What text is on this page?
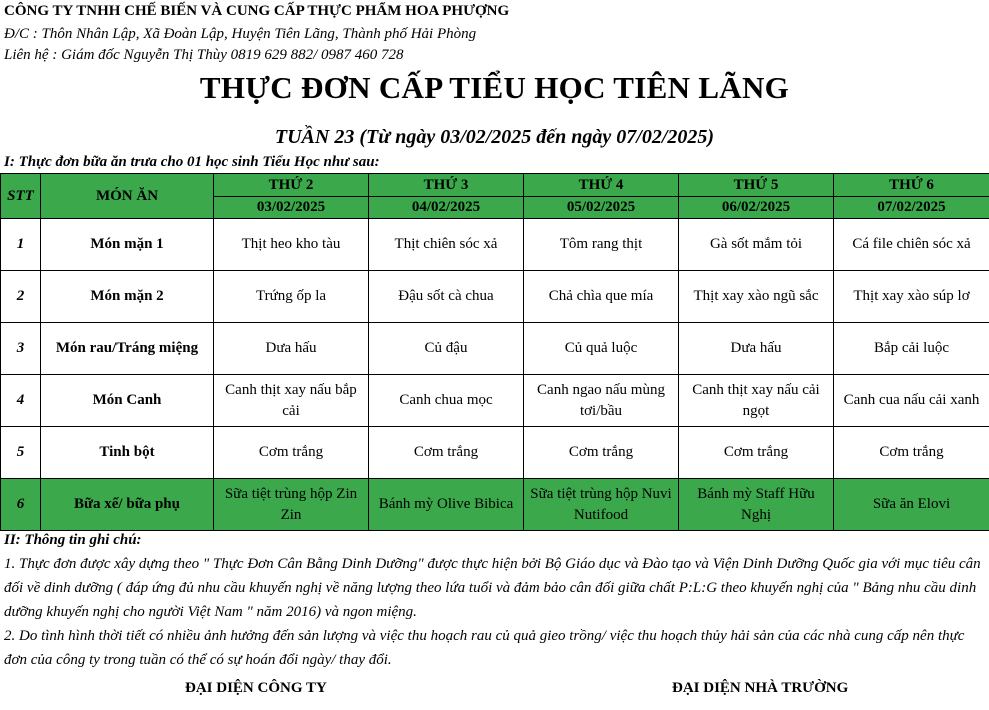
CÔNG TY TNHH CHẾ BIẾN VÀ CUNG CẤP THỰC PHẨM HOA PHƯỢNG
Đ/C : Thôn Nhân Lập, Xã Đoàn Lập, Huyện Tiên Lãng, Thành phố Hải Phòng
Liên hệ : Giám đốc Nguyễn Thị Thùy 0819 629 882/ 0987 460 728
THỰC ĐƠN CẤP TIỂU HỌC TIÊN LÃNG
TUẦN 23 (Từ ngày 03/02/2025 đến ngày 07/02/2025)
I: Thực đơn bữa ăn trưa cho 01 học sinh Tiểu Học như sau:
STT	MÓN ĂN	THỨ 2	THỨ 3	THỨ 4	THỨ 5	THỨ 6
		03/02/2025	04/02/2025	05/02/2025	06/02/2025	07/02/2025
1	Món mặn 1	Thịt heo kho tàu	Thịt chiên sóc xả	Tôm rang thịt	Gà sốt mắm tỏi	Cá file chiên sóc xả
2	Món mặn 2	Trứng ốp la	Đậu sốt cà chua	Chả chìa que mía	Thịt xay xào ngũ sắc	Thịt xay xào súp lơ
3	Món rau/Tráng miệng	Dưa hấu	Củ đậu	Củ quả luộc	Dưa hấu	Bắp cải luộc
4	Món Canh	Canh thịt xay nấu bắp cải	Canh chua mọc	Canh ngao nấu mùng tơi/bầu	Canh thịt xay nấu cải ngọt	Canh cua nấu cải xanh
5	Tinh bột	Cơm trắng	Cơm trắng	Cơm trắng	Cơm trắng	Cơm trắng
6	Bữa xế/ bữa phụ	Sữa tiệt trùng hộp Zin Zin	Bánh mỳ Olive Bibica	Sữa tiệt trùng hộp Nuvi Nutifood	Bánh mỳ Staff Hữu Nghị	Sữa ăn Elovi
II: Thông tin ghi chú:
1. Thực đơn được xây dựng theo " Thực Đơn Cân Bằng Dinh Dưỡng" được thực hiện bởi Bộ Giáo dục và Đào tạo và Viện Dinh Dưỡng Quốc gia với mục tiêu cân đối về dinh dưỡng ( đáp ứng đủ nhu cầu khuyến nghị về năng lượng theo lứa tuổi và đảm bảo cân đối giữa chất P:L:G theo khuyến nghị của " Bảng nhu cầu dinh dưỡng khuyến nghị cho người Việt Nam " năm 2016) và ngon miệng.
2. Do tình hình thời tiết có nhiều ảnh hưởng đến sản lượng và việc thu hoạch rau củ quả gieo trồng/ việc thu hoạch thủy hải sản của các nhà cung cấp nên thực đơn của công ty trong tuần có thể có sự hoán đổi ngày/ thay đổi.
ĐẠI DIỆN CÔNG TY	ĐẠI DIỆN NHÀ TRƯỜNG
